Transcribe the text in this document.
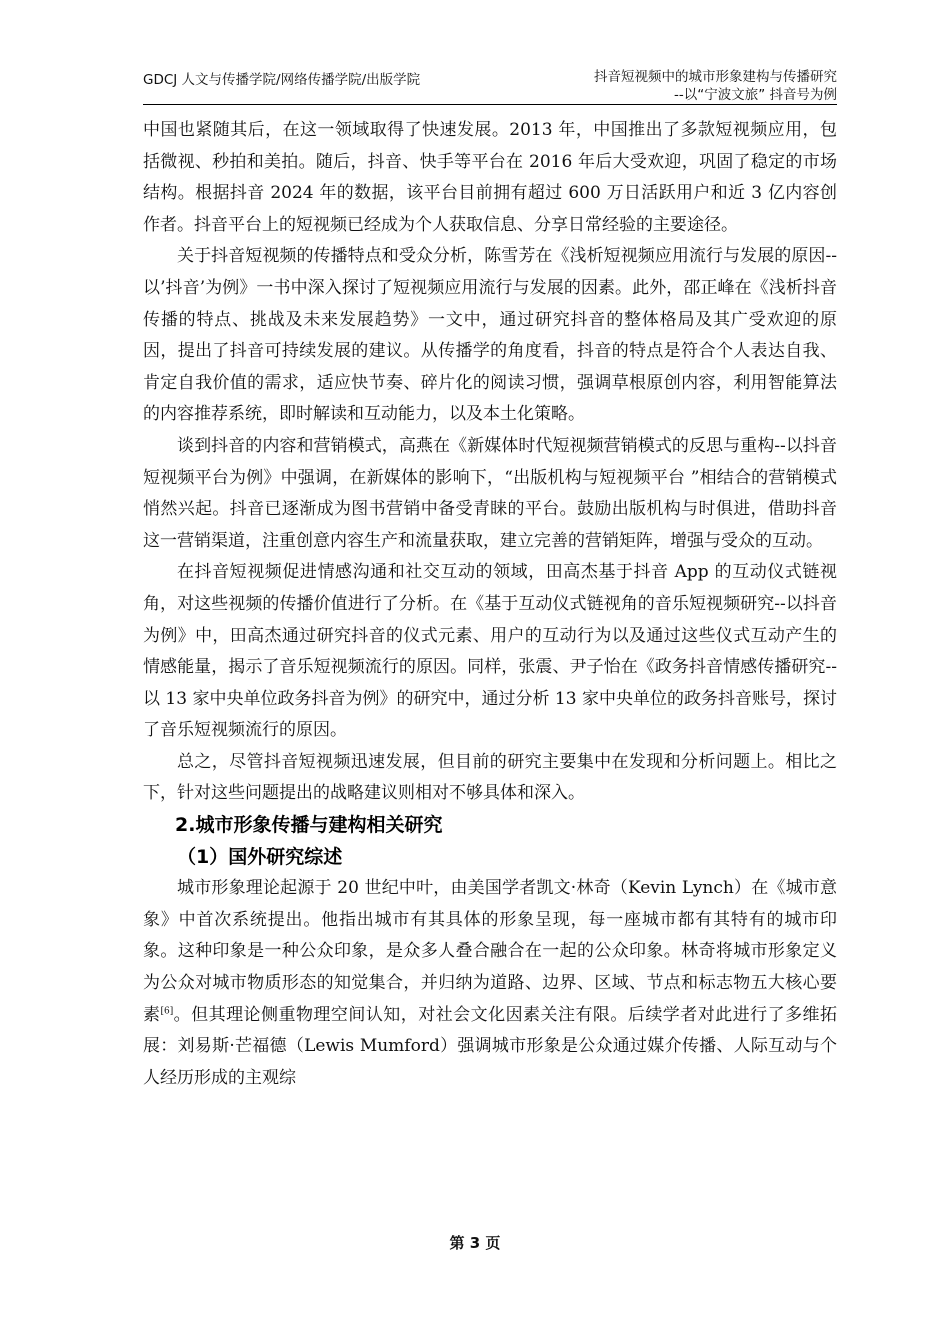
GDCJ 人文与传播学院/网络传播学院/出版学院	抖音短视频中的城市形象建构与传播研究
--以“宁波文旅” 抖音号为例

中国也紧随其后，在这一领域取得了快速发展。2013 年，中国推出了多款短视频应用，包括微视、秒拍和美拍。随后，抖音、快手等平台在 2016 年后大受欢迎，巩固了稳定的市场结构。根据抖音 2024 年的数据，该平台目前拥有超过 600 万日活跃用户和近 3 亿内容创作者。抖音平台上的短视频已经成为个人获取信息、分享日常经验的主要途径。

关于抖音短视频的传播特点和受众分析，陈雪芳在《浅析短视频应用流行与发展的原因--以’抖音’为例》一书中深入探讨了短视频应用流行与发展的因素。此外，邵正峰在《浅析抖音传播的特点、挑战及未来发展趋势》一文中，通过研究抖音的整体格局及其广受欢迎的原因，提出了抖音可持续发展的建议。从传播学的角度看，抖音的特点是符合个人表达自我、肯定自我价值的需求，适应快节奏、碎片化的阅读习惯，强调草根原创内容，利用智能算法的内容推荐系统，即时解读和互动能力，以及本土化策略。

谈到抖音的内容和营销模式，高燕在《新媒体时代短视频营销模式的反思与重构--以抖音短视频平台为例》中强调，在新媒体的影响下，“出版机构与短视频平台 ”相结合的营销模式悄然兴起。抖音已逐渐成为图书营销中备受青睐的平台。鼓励出版机构与时俱进，借助抖音这一营销渠道，注重创意内容生产和流量获取，建立完善的营销矩阵，增强与受众的互动。

在抖音短视频促进情感沟通和社交互动的领域，田高杰基于抖音 App 的互动仪式链视角，对这些视频的传播价值进行了分析。在《基于互动仪式链视角的音乐短视频研究--以抖音为例》中，田高杰通过研究抖音的仪式元素、用户的互动行为以及通过这些仪式互动产生的情感能量，揭示了音乐短视频流行的原因。同样，张震、尹子怡在《政务抖音情感传播研究--以 13 家中央单位政务抖音为例》的研究中，通过分析 13 家中央单位的政务抖音账号，探讨了音乐短视频流行的原因。

总之，尽管抖音短视频迅速发展，但目前的研究主要集中在发现和分析问题上。相比之下，针对这些问题提出的战略建议则相对不够具体和深入。

2.城市形象传播与建构相关研究
（1）国外研究综述

城市形象理论起源于 20 世纪中叶，由美国学者凯文·林奇（Kevin Lynch）在《城市意象》中首次系统提出。他指出城市有其具体的形象呈现，每一座城市都有其特有的城市印象。这种印象是一种公众印象，是众多人叠合融合在一起的公众印象。林奇将城市形象定义为公众对城市物质形态的知觉集合，并归纳为道路、边界、区域、节点和标志物五大核心要素[6]。但其理论侧重物理空间认知，对社会文化因素关注有限。后续学者对此进行了多维拓展：刘易斯·芒福德（Lewis Mumford）强调城市形象是公众通过媒介传播、人际互动与个人经历形成的主观综

第 3 页
